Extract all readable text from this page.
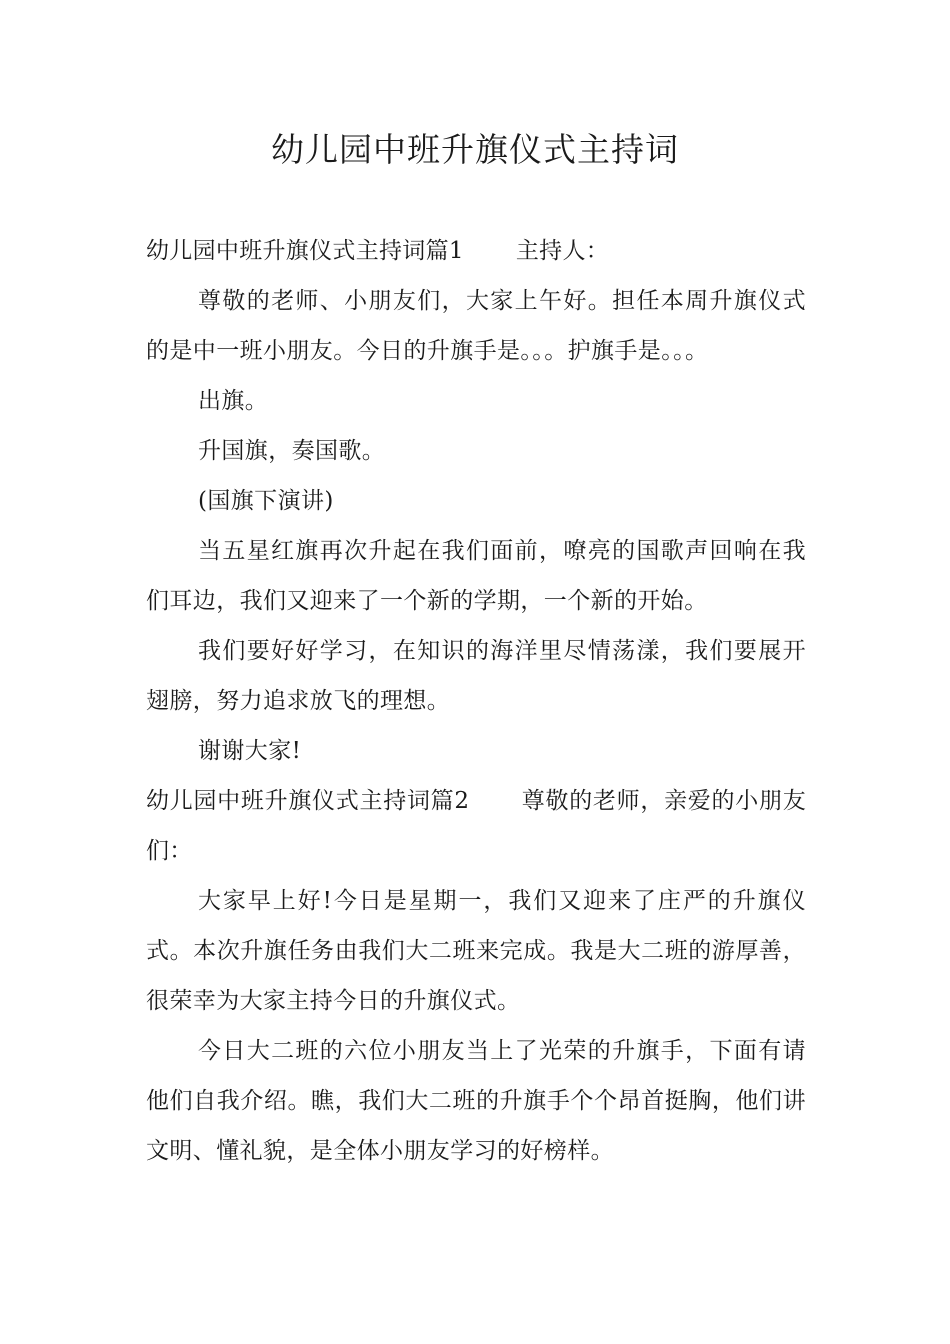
幼儿园中班升旗仪式主持词

幼儿园中班升旗仪式主持词篇1 主持人：

尊敬的老师、小朋友们，大家上午好。担任本周升旗仪式的是中一班小朋友。今日的升旗手是。。。护旗手是。。。

出旗。

升国旗，奏国歌。

(国旗下演讲)

当五星红旗再次升起在我们面前，嘹亮的国歌声回响在我们耳边，我们又迎来了一个新的学期，一个新的开始。

我们要好好学习，在知识的海洋里尽情荡漾，我们要展开翅膀，努力追求放飞的理想。

谢谢大家!

幼儿园中班升旗仪式主持词篇2 尊敬的老师，亲爱的小朋友们：

大家早上好!今日是星期一，我们又迎来了庄严的升旗仪式。本次升旗任务由我们大二班来完成。我是大二班的游厚善，很荣幸为大家主持今日的升旗仪式。

今日大二班的六位小朋友当上了光荣的升旗手，下面有请他们自我介绍。瞧，我们大二班的升旗手个个昂首挺胸，他们讲文明、懂礼貌，是全体小朋友学习的好榜样。
